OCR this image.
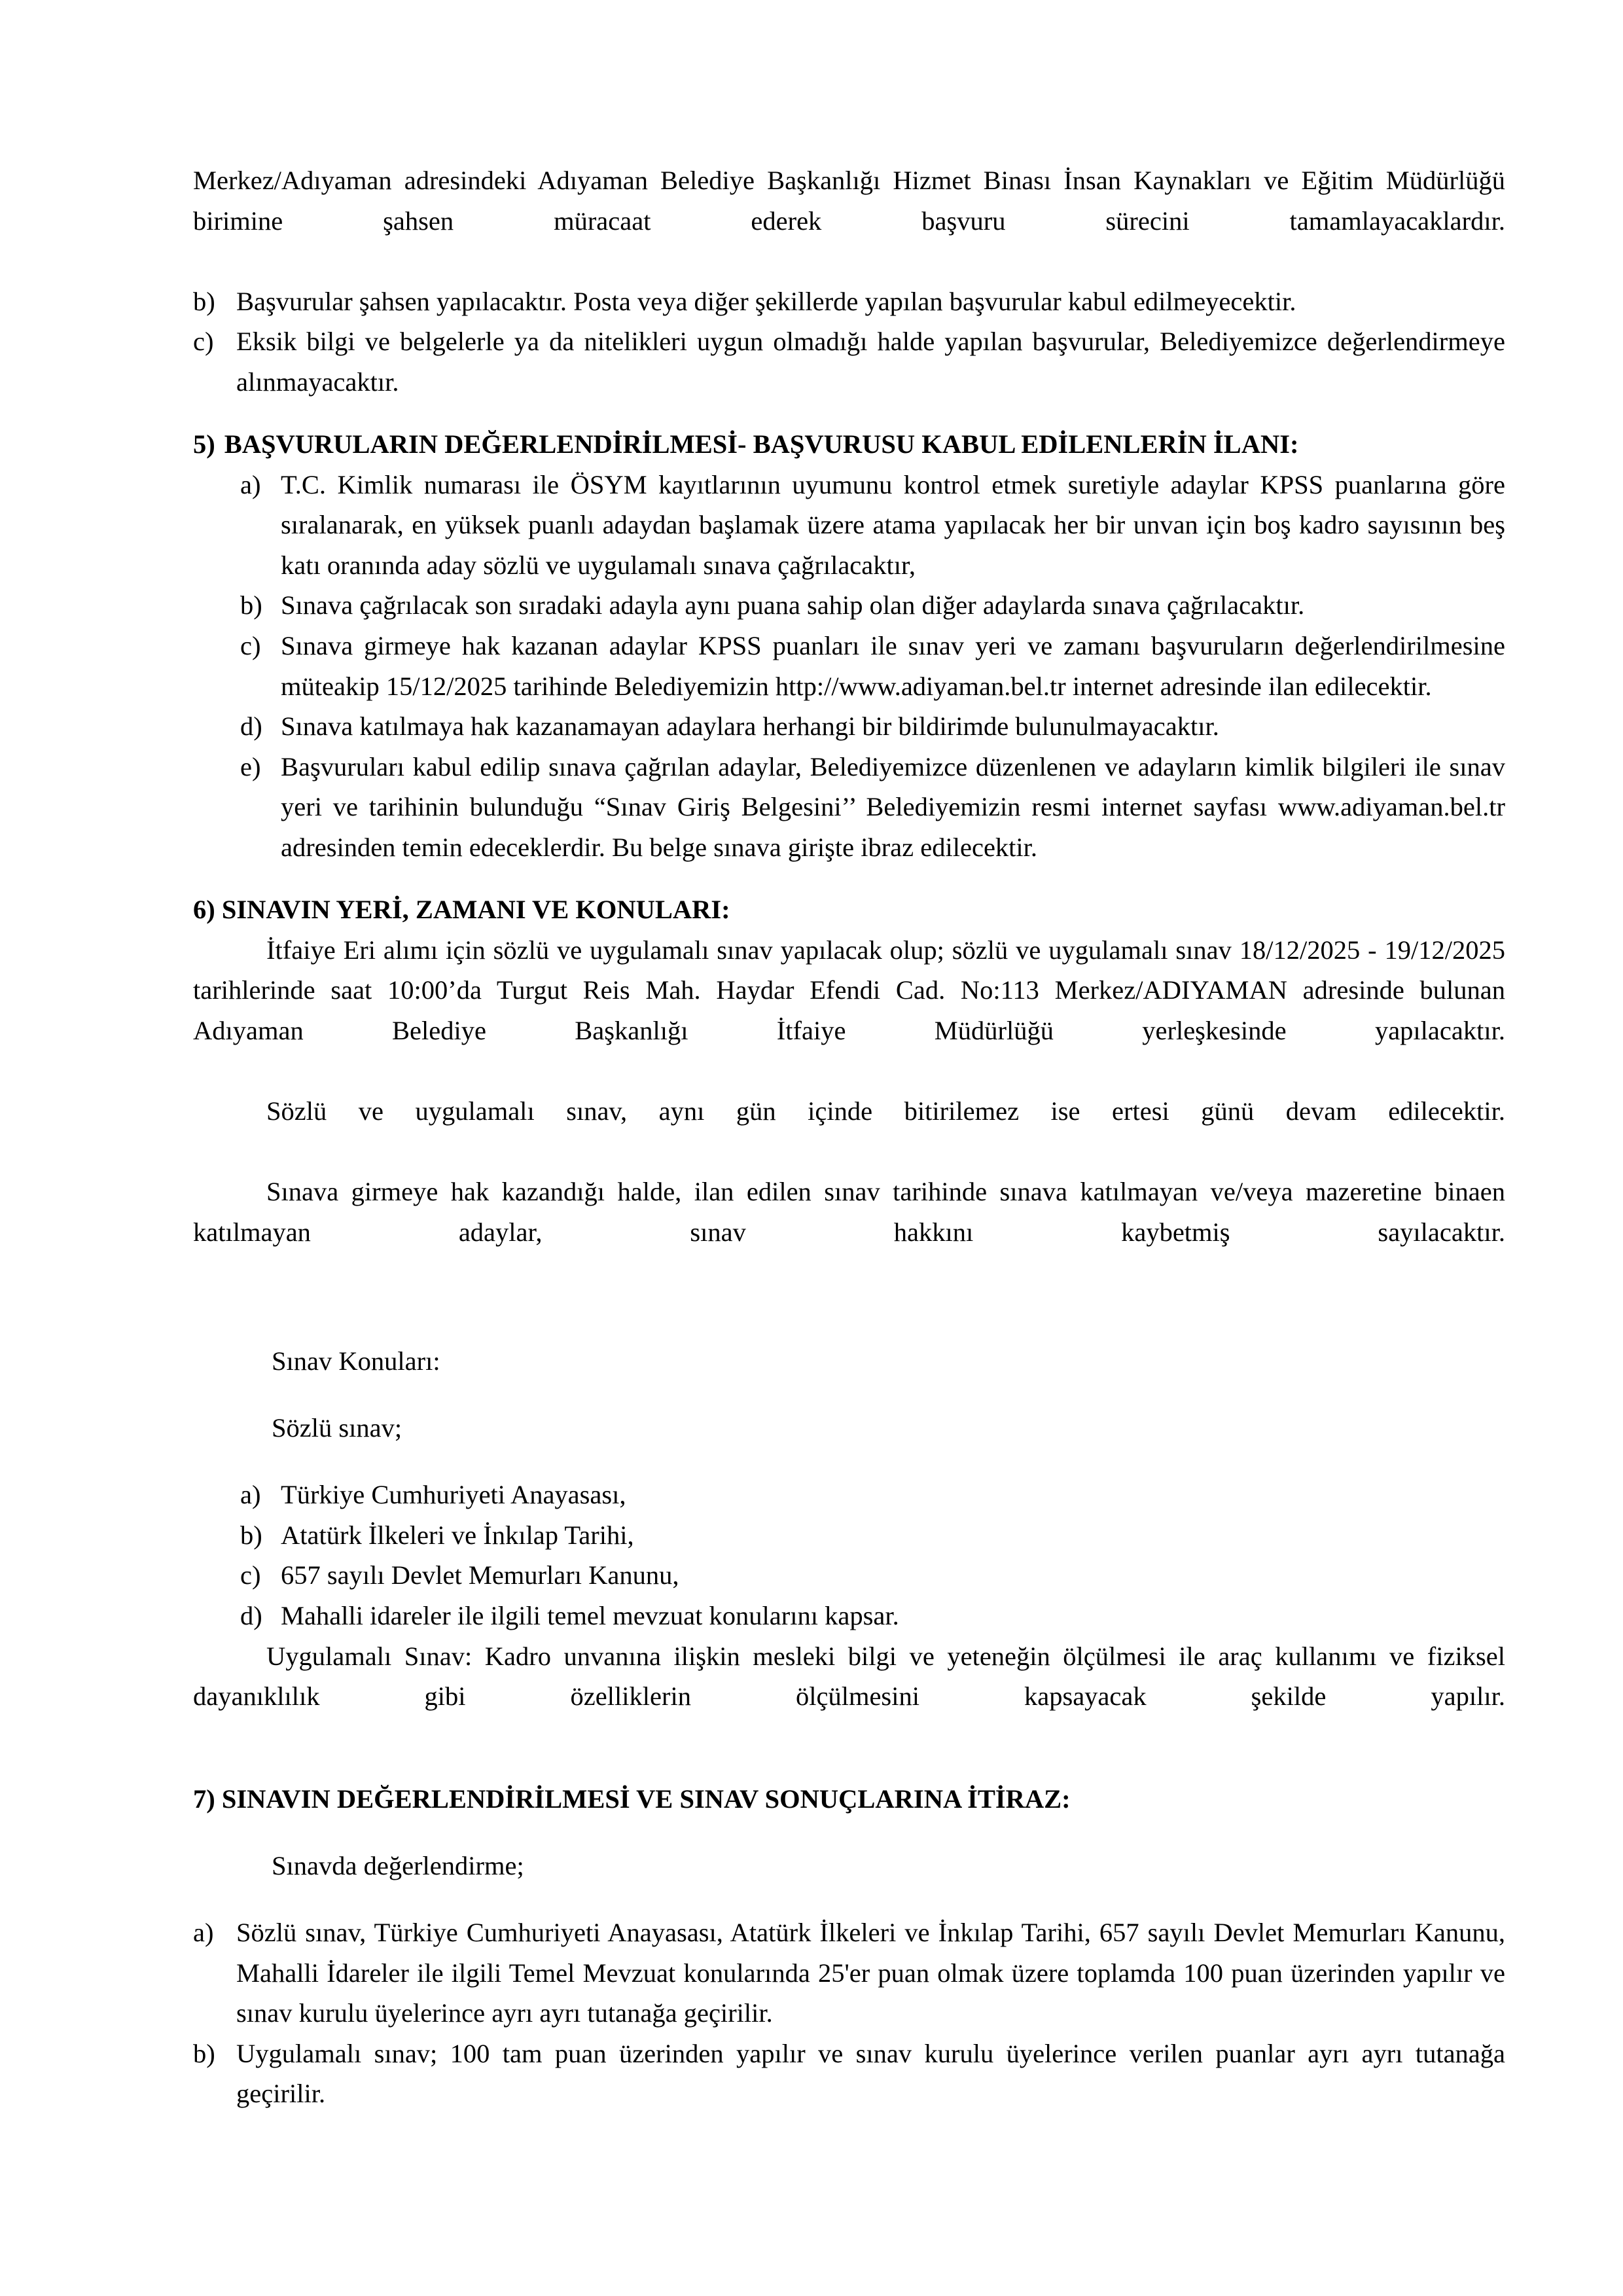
Merkez/Adıyaman adresindeki Adıyaman Belediye Başkanlığı Hizmet Binası İnsan Kaynakları ve Eğitim Müdürlüğü birimine şahsen müracaat ederek başvuru sürecini tamamlayacaklardır.

b) Başvurular şahsen yapılacaktır. Posta veya diğer şekillerde yapılan başvurular kabul edilmeyecektir.
c) Eksik bilgi ve belgelerle ya da nitelikleri uygun olmadığı halde yapılan başvurular, Belediyemizce değerlendirmeye alınmayacaktır.
5) BAŞVURULARIN DEĞERLENDİRİLMESİ- BAŞVURUSU KABUL EDİLENLERİN İLANI:
a) T.C. Kimlik numarası ile ÖSYM kayıtlarının uyumunu kontrol etmek suretiyle adaylar KPSS puanlarına göre sıralanarak, en yüksek puanlı adaydan başlamak üzere atama yapılacak her bir unvan için boş kadro sayısının beş katı oranında aday sözlü ve uygulamalı sınava çağrılacaktır,
b) Sınava çağrılacak son sıradaki adayla aynı puana sahip olan diğer adaylarda sınava çağrılacaktır.
c) Sınava girmeye hak kazanan adaylar KPSS puanları ile sınav yeri ve zamanı başvuruların değerlendirilmesine müteakip 15/12/2025 tarihinde Belediyemizin http://www.adiyaman.bel.tr internet adresinde ilan edilecektir.
d) Sınava katılmaya hak kazanamayan adaylara herhangi bir bildirimde bulunulmayacaktır.
e) Başvuruları kabul edilip sınava çağrılan adaylar, Belediyemizce düzenlenen ve adayların kimlik bilgileri ile sınav yeri ve tarihinin bulunduğu “Sınav Giriş Belgesini’’ Belediyemizin resmi internet sayfası www.adiyaman.bel.tr adresinden temin edeceklerdir. Bu belge sınava girişte ibraz edilecektir.
6) SINAVIN YERİ, ZAMANI VE KONULARI:

İtfaiye Eri alımı için sözlü ve uygulamalı sınav yapılacak olup; sözlü ve uygulamalı sınav 18/12/2025 - 19/12/2025 tarihlerinde saat 10:00’da Turgut Reis Mah. Haydar Efendi Cad. No:113 Merkez/ADIYAMAN adresinde bulunan Adıyaman Belediye Başkanlığı İtfaiye Müdürlüğü yerleşkesinde yapılacaktır.

Sözlü ve uygulamalı sınav, aynı gün içinde bitirilemez ise ertesi günü devam edilecektir.

Sınava girmeye hak kazandığı halde, ilan edilen sınav tarihinde sınava katılmayan ve/veya mazeretine binaen katılmayan adaylar, sınav hakkını kaybetmiş sayılacaktır.

Sınav Konuları:

Sözlü sınav;

a) Türkiye Cumhuriyeti Anayasası,
b) Atatürk İlkeleri ve İnkılap Tarihi,
c) 657 sayılı Devlet Memurları Kanunu,
d) Mahalli idareler ile ilgili temel mevzuat konularını kapsar.

Uygulamalı Sınav: Kadro unvanına ilişkin mesleki bilgi ve yeteneğin ölçülmesi ile araç kullanımı ve fiziksel dayanıklılık gibi özelliklerin ölçülmesini kapsayacak şekilde yapılır.

7) SINAVIN DEĞERLENDİRİLMESİ VE SINAV SONUÇLARINA İTİRAZ:

Sınavda değerlendirme;

a) Sözlü sınav, Türkiye Cumhuriyeti Anayasası, Atatürk İlkeleri ve İnkılap Tarihi, 657 sayılı Devlet Memurları Kanunu, Mahalli İdareler ile ilgili Temel Mevzuat konularında 25'er puan olmak üzere toplamda 100 puan üzerinden yapılır ve sınav kurulu üyelerince ayrı ayrı tutanağa geçirilir.
b) Uygulamalı sınav; 100 tam puan üzerinden yapılır ve sınav kurulu üyelerince verilen puanlar ayrı ayrı tutanağa geçirilir.
